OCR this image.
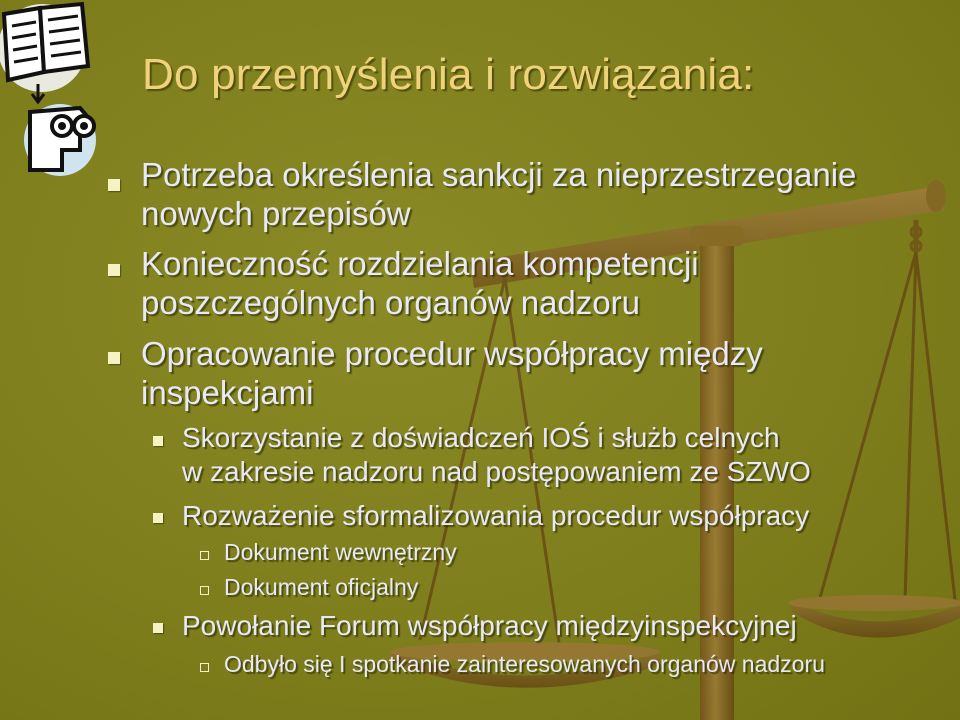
Do przemyślenia i rozwiązania:
Potrzeba określenia sankcji za nieprzestrzeganie
nowych przepisów
Konieczność rozdzielania kompetencji
poszczególnych organów nadzoru
Opracowanie procedur współpracy między
inspekcjami
Skorzystanie z doświadczeń IOŚ i służb celnych
w zakresie nadzoru nad postępowaniem ze SZWO
Rozważenie sformalizowania procedur współpracy
Dokument wewnętrzny
Dokument oficjalny
Powołanie Forum współpracy międzyinspekcyjnej
Odbyło się I spotkanie zainteresowanych organów nadzoru
